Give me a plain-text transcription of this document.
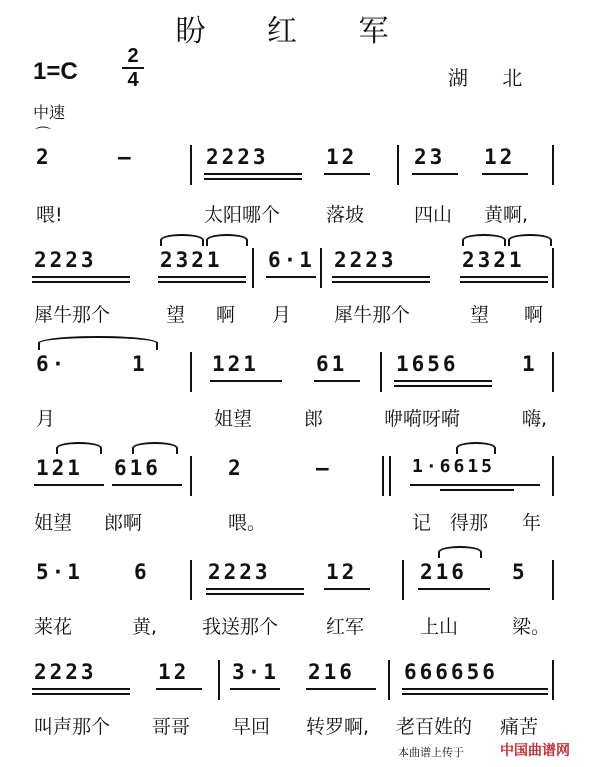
盼 红 军
1=C
2
4	湖 北
中速
⌒
2	—	2223	12	23 12
喂!	太阳哪个 落坡	四山 黄啊,
2223	2321 6·1 2223	2321
犀牛那个	望 啊 月 犀牛那个	望 啊
6·	1	121	61 1656	1
月	姐望	郎	咿嗬呀嗬	嗨,
121 616	2	—	1·6615
姐望 郎啊	喂。	记 得那 年
5·1 6	2223	12	216 5
莱花	黄, 我送那个	红军	上山	梁。
2223	12 3·1 216 666656
叫声那个 哥哥 早回 转罗啊, 老百姓的 痛苦
本曲谱上传于	中国曲谱网
